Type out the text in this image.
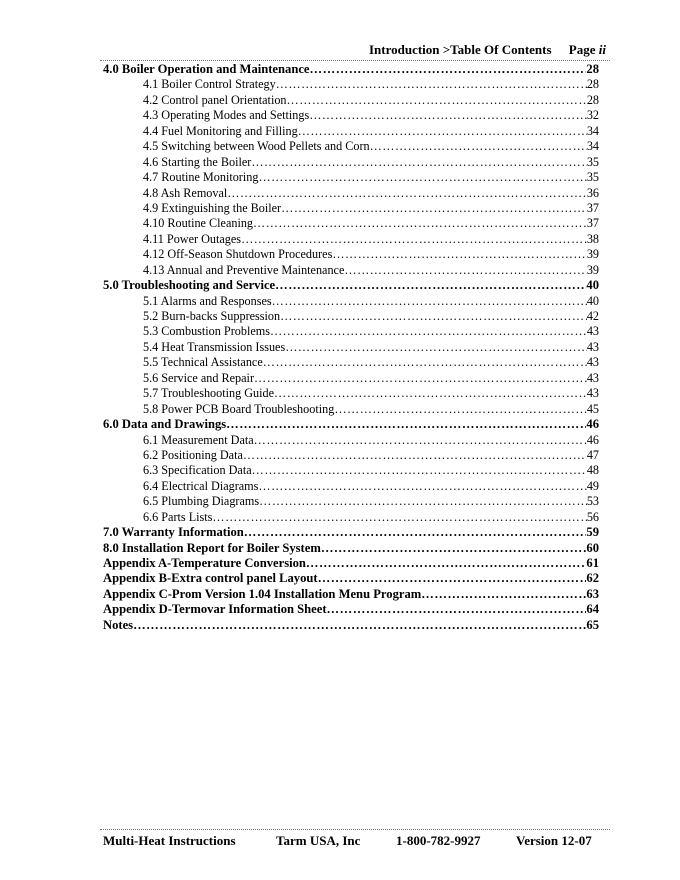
Introduction >Table Of Contents Page ii
4.0 Boiler Operation and Maintenance ……………………………………………………………………………………………………………………………………………………………………………	28
4.1 Boiler Control Strategy ……………………………………………………………………………………………………………………………………………………………………………	28
4.2 Control panel Orientation ……………………………………………………………………………………………………………………………………………………………………………	28
4.3 Operating Modes and Settings ……………………………………………………………………………………………………………………………………………………………………………	32
4.4 Fuel Monitoring and Filling ……………………………………………………………………………………………………………………………………………………………………………	34
4.5 Switching between Wood Pellets and Corn ……………………………………………………………………………………………………………………………………………………………………………	34
4.6 Starting the Boiler ……………………………………………………………………………………………………………………………………………………………………………	35
4.7 Routine Monitoring ……………………………………………………………………………………………………………………………………………………………………………	35
4.8 Ash Removal ……………………………………………………………………………………………………………………………………………………………………………	36
4.9 Extinguishing the Boiler ……………………………………………………………………………………………………………………………………………………………………………	37
4.10 Routine Cleaning ……………………………………………………………………………………………………………………………………………………………………………	37
4.11 Power Outages ……………………………………………………………………………………………………………………………………………………………………………	38
4.12 Off-Season Shutdown Procedures ……………………………………………………………………………………………………………………………………………………………………………	39
4.13 Annual and Preventive Maintenance ……………………………………………………………………………………………………………………………………………………………………………	39
5.0 Troubleshooting and Service ……………………………………………………………………………………………………………………………………………………………………………	40
5.1 Alarms and Responses ……………………………………………………………………………………………………………………………………………………………………………	40
5.2 Burn-backs Suppression ……………………………………………………………………………………………………………………………………………………………………………	42
5.3 Combustion Problems ……………………………………………………………………………………………………………………………………………………………………………	43
5.4 Heat Transmission Issues ……………………………………………………………………………………………………………………………………………………………………………	43
5.5 Technical Assistance ……………………………………………………………………………………………………………………………………………………………………………	43
5.6 Service and Repair ……………………………………………………………………………………………………………………………………………………………………………	43
5.7 Troubleshooting Guide ……………………………………………………………………………………………………………………………………………………………………………	43
5.8 Power PCB Board Troubleshooting ……………………………………………………………………………………………………………………………………………………………………………	45
6.0 Data and Drawings ……………………………………………………………………………………………………………………………………………………………………………	46
6.1 Measurement Data ……………………………………………………………………………………………………………………………………………………………………………	46
6.2 Positioning Data ……………………………………………………………………………………………………………………………………………………………………………	47
6.3 Specification Data ……………………………………………………………………………………………………………………………………………………………………………	48
6.4 Electrical Diagrams ……………………………………………………………………………………………………………………………………………………………………………	49
6.5 Plumbing Diagrams ……………………………………………………………………………………………………………………………………………………………………………	53
6.6 Parts Lists ……………………………………………………………………………………………………………………………………………………………………………	56
7.0 Warranty Information ……………………………………………………………………………………………………………………………………………………………………………	59
8.0 Installation Report for Boiler System ……………………………………………………………………………………………………………………………………………………………………………	60
Appendix A-Temperature Conversion ……………………………………………………………………………………………………………………………………………………………………………	61
Appendix B-Extra control panel Layout ……………………………………………………………………………………………………………………………………………………………………………	62
Appendix C-Prom Version 1.04 Installation Menu Program ……………………………………………………………………………………………………………………………………………………………………………	63
Appendix D-Termovar Information Sheet ……………………………………………………………………………………………………………………………………………………………………………	64
Notes ……………………………………………………………………………………………………………………………………………………………………………	65
Multi-Heat Instructions	Tarm USA, Inc	1-800-782-9927	Version 12-07
